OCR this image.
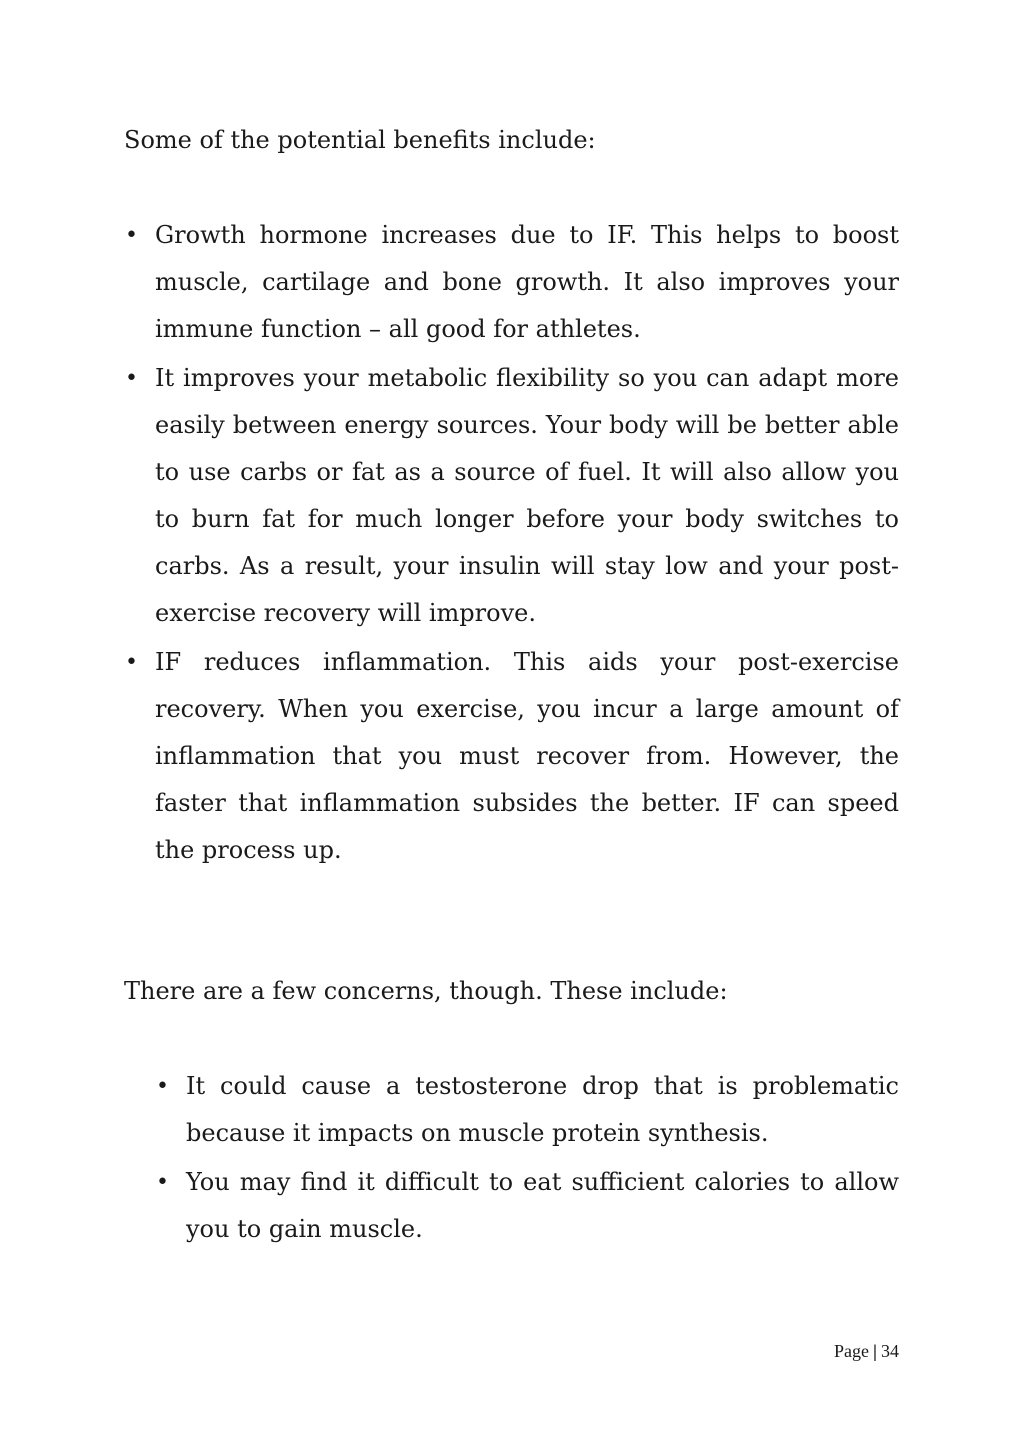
Some of the potential benefits include:

• Growth hormone increases due to IF. This helps to boost muscle, cartilage and bone growth. It also improves your immune function – all good for athletes.
• It improves your metabolic flexibility so you can adapt more easily between energy sources. Your body will be better able to use carbs or fat as a source of fuel. It will also allow you to burn fat for much longer before your body switches to carbs. As a result, your insulin will stay low and your post-exercise recovery will improve.
• IF reduces inflammation. This aids your post-exercise recovery. When you exercise, you incur a large amount of inflammation that you must recover from. However, the faster that inflammation subsides the better. IF can speed the process up.

There are a few concerns, though. These include:

• It could cause a testosterone drop that is problematic because it impacts on muscle protein synthesis.
• You may find it difficult to eat sufficient calories to allow you to gain muscle.
Page | 34
